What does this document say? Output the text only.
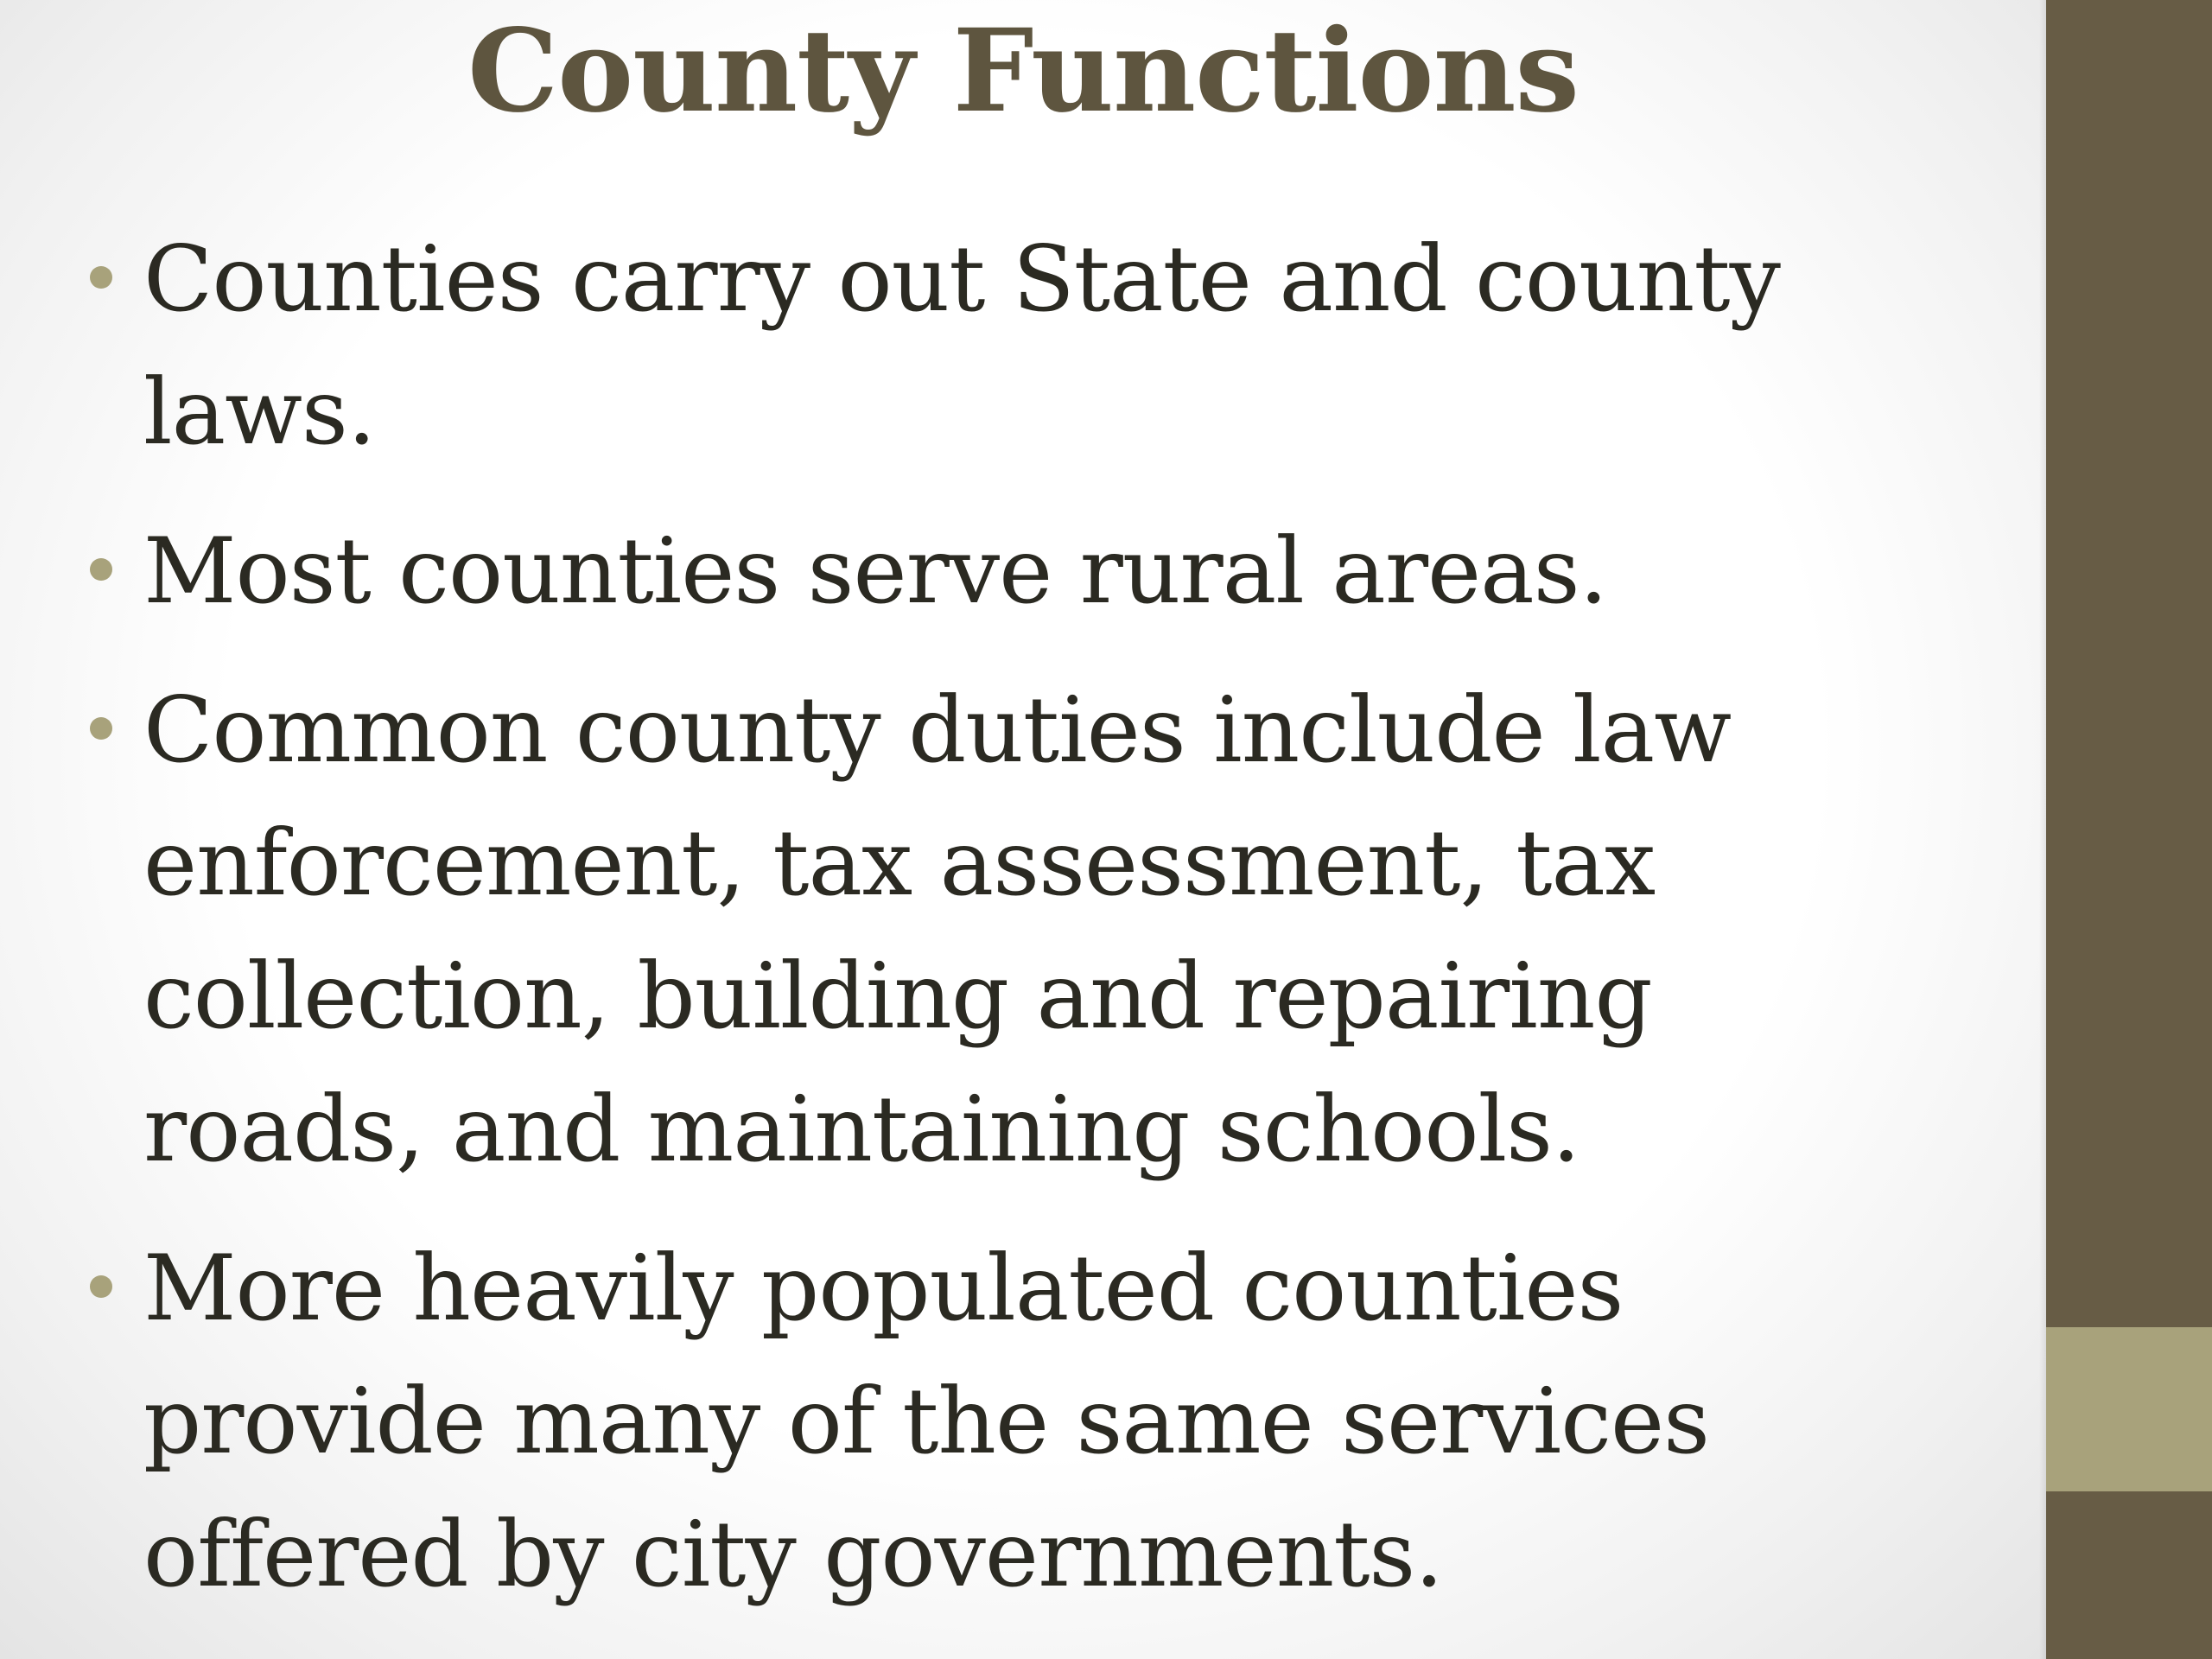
County Functions
Counties carry out State and county laws.
Most counties serve rural areas.
Common county duties include law enforcement, tax assessment, tax collection, building and repairing roads, and maintaining schools.
More heavily populated counties provide many of the same services offered by city governments.
